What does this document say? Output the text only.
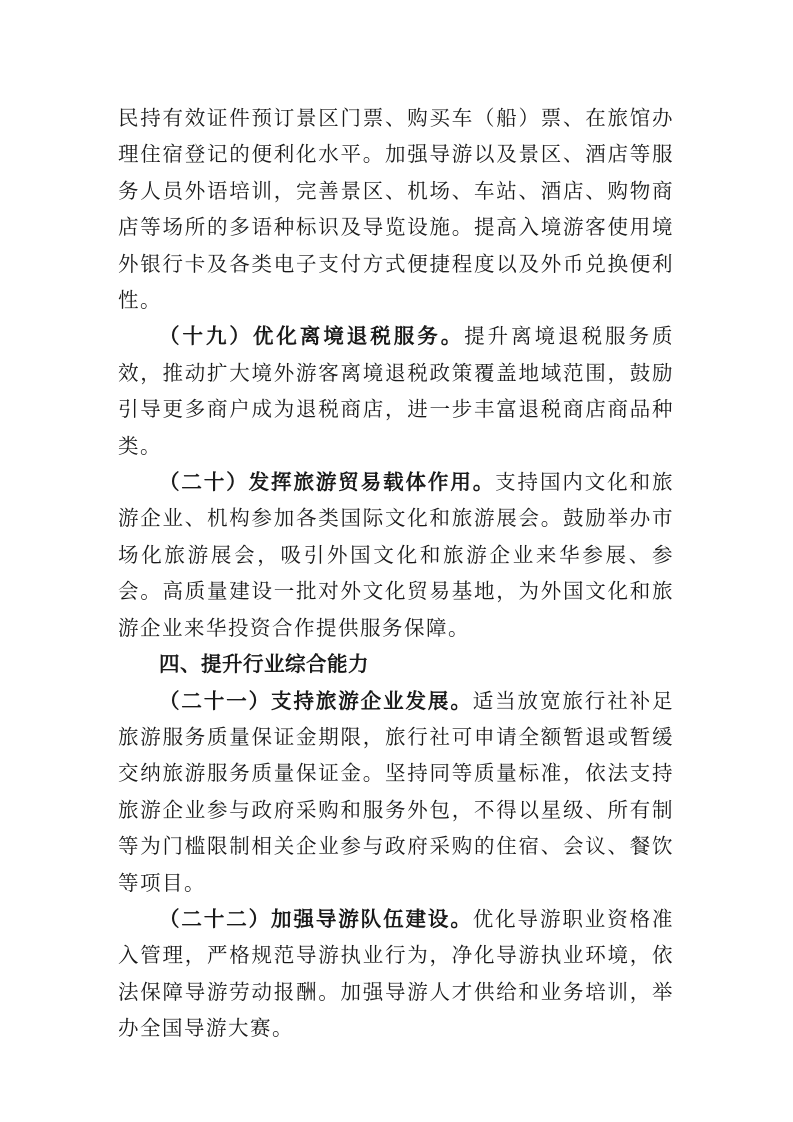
民持有效证件预订景区门票、购买车（船）票、在旅馆办理住宿登记的便利化水平。加强导游以及景区、酒店等服务人员外语培训，完善景区、机场、车站、酒店、购物商店等场所的多语种标识及导览设施。提高入境游客使用境外银行卡及各类电子支付方式便捷程度以及外币兑换便利性。

（十九）优化离境退税服务。提升离境退税服务质效，推动扩大境外游客离境退税政策覆盖地域范围，鼓励引导更多商户成为退税商店，进一步丰富退税商店商品种类。

（二十）发挥旅游贸易载体作用。支持国内文化和旅游企业、机构参加各类国际文化和旅游展会。鼓励举办市场化旅游展会，吸引外国文化和旅游企业来华参展、参会。高质量建设一批对外文化贸易基地，为外国文化和旅游企业来华投资合作提供服务保障。

四、提升行业综合能力

（二十一）支持旅游企业发展。适当放宽旅行社补足旅游服务质量保证金期限，旅行社可申请全额暂退或暂缓交纳旅游服务质量保证金。坚持同等质量标准，依法支持旅游企业参与政府采购和服务外包，不得以星级、所有制等为门槛限制相关企业参与政府采购的住宿、会议、餐饮等项目。

（二十二）加强导游队伍建设。优化导游职业资格准入管理，严格规范导游执业行为，净化导游执业环境，依法保障导游劳动报酬。加强导游人才供给和业务培训，举办全国导游大赛。
